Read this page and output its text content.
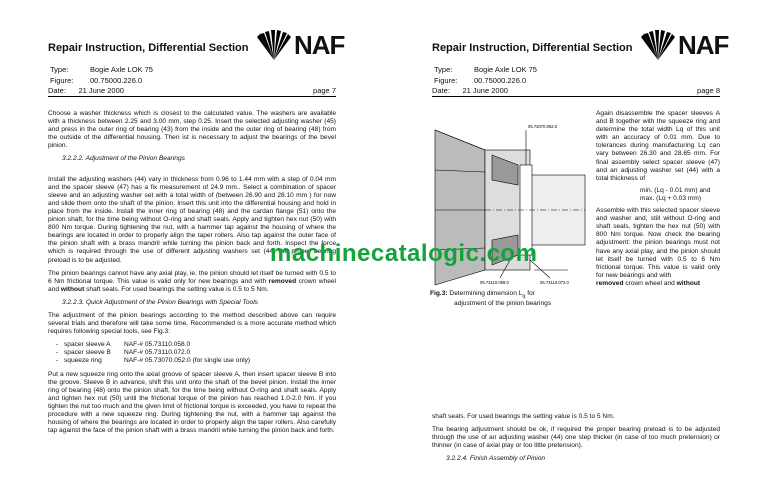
Repair Instruction, Differential Section NAF
Type:	Bogie Axle LOK 75
Figure:	00.75000.226.0
Date: 21 June 2000	page 7

Choose a washer thickness which is closest to the calculated value. The washers are available with a thickness between 2.25 and 3.00 mm, step 0.25. Insert the selected adjusting washer (45) and press in the outer ring of bearing (43) from the inside and the outer ring of bearing (48) from the outside of the differential housing. Then ist is necessary to adjust the bearings of the bevel pinion.

3.2.2.2. Adjustment of the Pinion Bearings

Install the adjusting washers (44) vary in thickness from 0.96 to 1.44 mm with a step of 0.04 mm and the spacer sleeve (47) has a fix measurement of 24.9 mm.. Select a combination of spacer sleeve and an adjusting washer set with a total width of (between 26.90 and 28.10 mm ) for now and slide them onto the shaft of the pinion. Insert this unit into the differential housing and hold in place from the inside. Install the inner ring of bearing (48) and the cardan flange (51) onto the pinion shaft, for the time being without O-ring and shaft seals. Apply and tighten hex nut (50) with 800 Nm torque. During tightening the nut, with a hammer tap against the housing of where the bearings are located in order to properly align the taper rollers. Also tap against the outer face of the pinion shaft with a brass mandril while turning the pinion back and forth. Inspect the force which is required through the use of different adjusting washers set (44) the proper bearing preload is to be adjusted.

The pinion bearings cannot have any axial play, ie. the pinion should let itself be turned with 0.5 to 6 Nm frictional torque. This value is valid only for new bearings and with removed crown wheel and without shaft seals. For used bearings the setting value is 0.5 to 5 Nm.

3.2.2.3. Quick Adjustment of the Pinion Bearings with Special Tools

The adjustment of the pinion bearings according to the method described above can require several trials and therefore will take some time. Recommended is a more accurate method which requires following special tools, see Fig.3:

- spacer sleeve A	NAF-# 05.73110.058.0
- spacer sleeve B	NAF-# 05.73110.072.0
- squeeze ring	NAF-# 05.73070.052.0 (for single use only)

Put a new squeeze ring onto the axial groove of spacer sleeve A, then insert spacer sleeve B into the groove. Sleeve B in advance, shift this unit onto the shaft of the bevel pinion. Install the inner ring of bearing (48) onto the pinion shaft, for the time being without O-ring and shaft seals. Apply and tighten hex nut (50) until the frictional torque of the pinion has reached 1.0-2.0 Nm. If you tighten the nut too much and the given limit of frictional torque is exceeded, you have to repeat the procedure with a new squeeze ring. During tightening the nut, with a hammer tap against the housing of where the bearings are located in order to properly align the taper rollers. Also carefully tap against the face of the pinion shaft with a brass mandril while turning the pinion back and forth.

Repair Instruction, Differential Section NAF
Type:	Bogie Axle LOK 75
Figure:	00.75000.226.0
Date: 21 June 2000	page 8
05.73070.052.0
05.73110.058.0	05.73110.072.0
Fig.3: Determining dimension $L_q$ for
adjustment of the pinion bearings

Again disassemble the spacer sleeves A and B together with the squeeze ring and determine the total width Lq of this unit with an accuracy of 0.01 mm. Due to tolerances during manufacturing Lq can vary between 26.30 and 28.65 mm. For final assembly select spacer sleeve (47) and an adjusting washer set (44) with a total thickness of

min. (Lq - 0.01 mm) and

max. (Lq + 0.03 mm)

Assemble with this selected spacer sleeve and washer and, still without O-ring and shaft seals, tighten the hex nut (50) with 800 Nm torque. Now check the bearing adjustment: the pinion bearings must not have any axial play, and the pinion should let itself be turned with 0.5 to 6 Nm frictional torque. This value is valid only for new bearings and with

removed crown wheel and without

shaft seals. For used bearings the setting value is 0.5 to 5 Nm.

The bearing adjustment should be ok, if required the proper bearing preload is to be adjusted through the use of an adjusting washer (44) one step thicker (in case of too much pretension) or thinner (in case of axial play or too little pretension).

3.2.2.4. Finish Assembly of Pinion
machinecatalogic.com
